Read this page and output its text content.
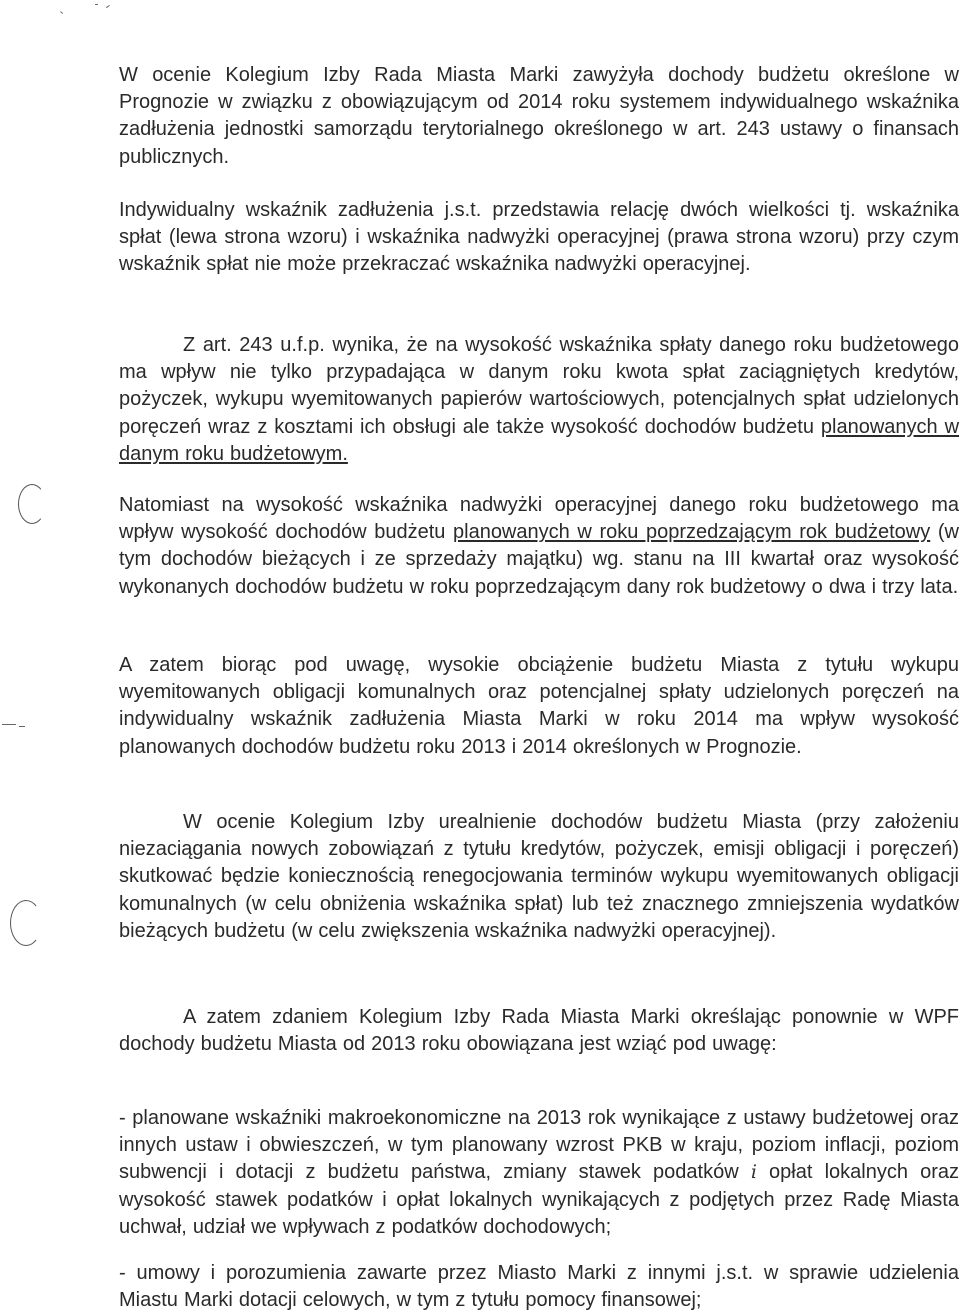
W ocenie Kolegium Izby Rada Miasta Marki zawyżyła dochody budżetu określone w Prognozie w związku z obowiązującym od 2014 roku systemem indywidualnego wskaźnika zadłużenia jednostki samorządu terytorialnego określonego w art. 243 ustawy o finansach publicznych.

Indywidualny wskaźnik zadłużenia j.s.t. przedstawia relację dwóch wielkości tj. wskaźnika spłat (lewa strona wzoru) i wskaźnika nadwyżki operacyjnej (prawa strona wzoru) przy czym wskaźnik spłat nie może przekraczać wskaźnika nadwyżki operacyjnej.

Z art. 243 u.f.p. wynika, że na wysokość wskaźnika spłaty danego roku budżetowego ma wpływ nie tylko przypadająca w danym roku kwota spłat zaciągniętych kredytów, pożyczek, wykupu wyemitowanych papierów wartościowych, potencjalnych spłat udzielonych poręczeń wraz z kosztami ich obsługi ale także wysokość dochodów budżetu planowanych w danym roku budżetowym.

Natomiast na wysokość wskaźnika nadwyżki operacyjnej danego roku budżetowego ma wpływ wysokość dochodów budżetu planowanych w roku poprzedzającym rok budżetowy (w tym dochodów bieżących i ze sprzedaży majątku) wg. stanu na III kwartał oraz wysokość wykonanych dochodów budżetu w roku poprzedzającym dany rok budżetowy o dwa i trzy lata.

A zatem biorąc pod uwagę, wysokie obciążenie budżetu Miasta z tytułu wykupu wyemitowanych obligacji komunalnych oraz potencjalnej spłaty udzielonych poręczeń na indywidualny wskaźnik zadłużenia Miasta Marki w roku 2014 ma wpływ wysokość planowanych dochodów budżetu roku 2013 i 2014 określonych w Prognozie.

W ocenie Kolegium Izby urealnienie dochodów budżetu Miasta (przy założeniu niezaciągania nowych zobowiązań z tytułu kredytów, pożyczek, emisji obligacji i poręczeń) skutkować będzie koniecznością renegocjowania terminów wykupu wyemitowanych obligacji komunalnych (w celu obniżenia wskaźnika spłat) lub też znacznego zmniejszenia wydatków bieżących budżetu (w celu zwiększenia wskaźnika nadwyżki operacyjnej).

A zatem zdaniem Kolegium Izby Rada Miasta Marki określając ponownie w WPF dochody budżetu Miasta od 2013 roku obowiązana jest wziąć pod uwagę:

- planowane wskaźniki makroekonomiczne na 2013 rok wynikające z ustawy budżetowej oraz innych ustaw i obwieszczeń, w tym planowany wzrost PKB w kraju, poziom inflacji, poziom subwencji i dotacji z budżetu państwa, zmiany stawek podatków i opłat lokalnych oraz wysokość stawek podatków i opłat lokalnych wynikających z podjętych przez Radę Miasta uchwał, udział we wpływach z podatków dochodowych;

- umowy i porozumienia zawarte przez Miasto Marki z innymi j.s.t. w sprawie udzielenia Miastu Marki dotacji celowych, w tym z tytułu pomocy finansowej;
